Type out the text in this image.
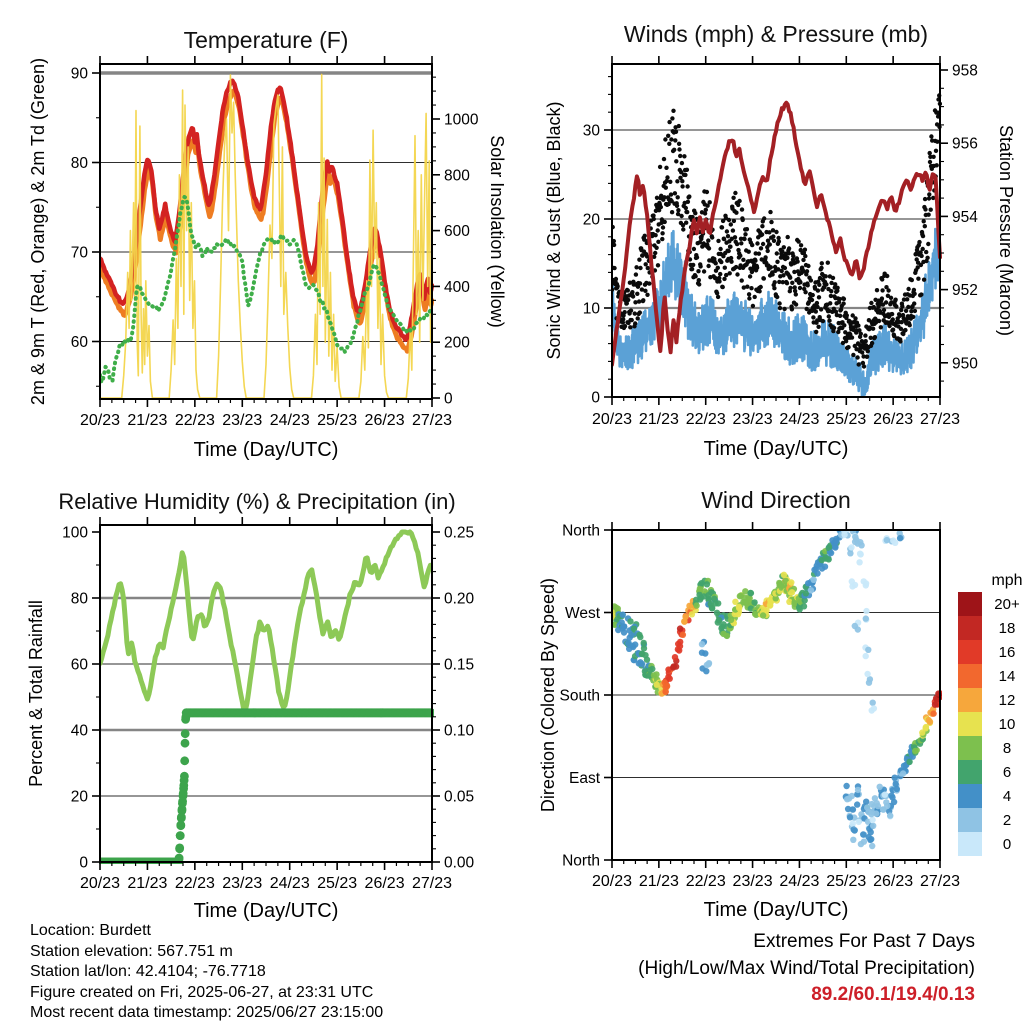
20/23 21/23 22/23 23/23 24/23 25/23 26/23 27/23
60
70
80
90
0
200
400
600
800
1000
Temperature (F)
Time (Day/UTC)
2m & 9m T (Red, Orange) & 2m Td (Green)	Solar Insolation (Yellow)
20/23 21/23 22/23 23/23 24/23 25/23 26/23 27/23
0
10
20
30
950
952
954
956
958
Winds (mph) & Pressure (mb)
Time (Day/UTC)
Sonic Wind & Gust (Blue, Black)	Station Pressure (Maroon)
20/23 21/23 22/23 23/23 24/23 25/23 26/23 27/23
0
20
40
60
80
100
0.00
0.05
0.10
0.15
0.20
0.25
Relative Humidity (%) & Precipitation (in)
Time (Day/UTC)
Percent & Total Rainfall
20/23 21/23 22/23 23/23 24/23 25/23 26/23 27/23
North
West
South
East
North
Wind Direction
Time (Day/UTC)
Direction (Colored By Speed)	mph
20+
18
16
14
12
10
8
6
4
2
0
Location: Burdett
Station elevation: 567.751 m
Station lat/lon: 42.4104; -76.7718
Figure created on Fri, 2025-06-27, at 23:31 UTC
Most recent data timestamp: 2025/06/27 23:15:00
Extremes For Past 7 Days
(High/Low/Max Wind/Total Precipitation)
89.2/60.1/19.4/0.13
